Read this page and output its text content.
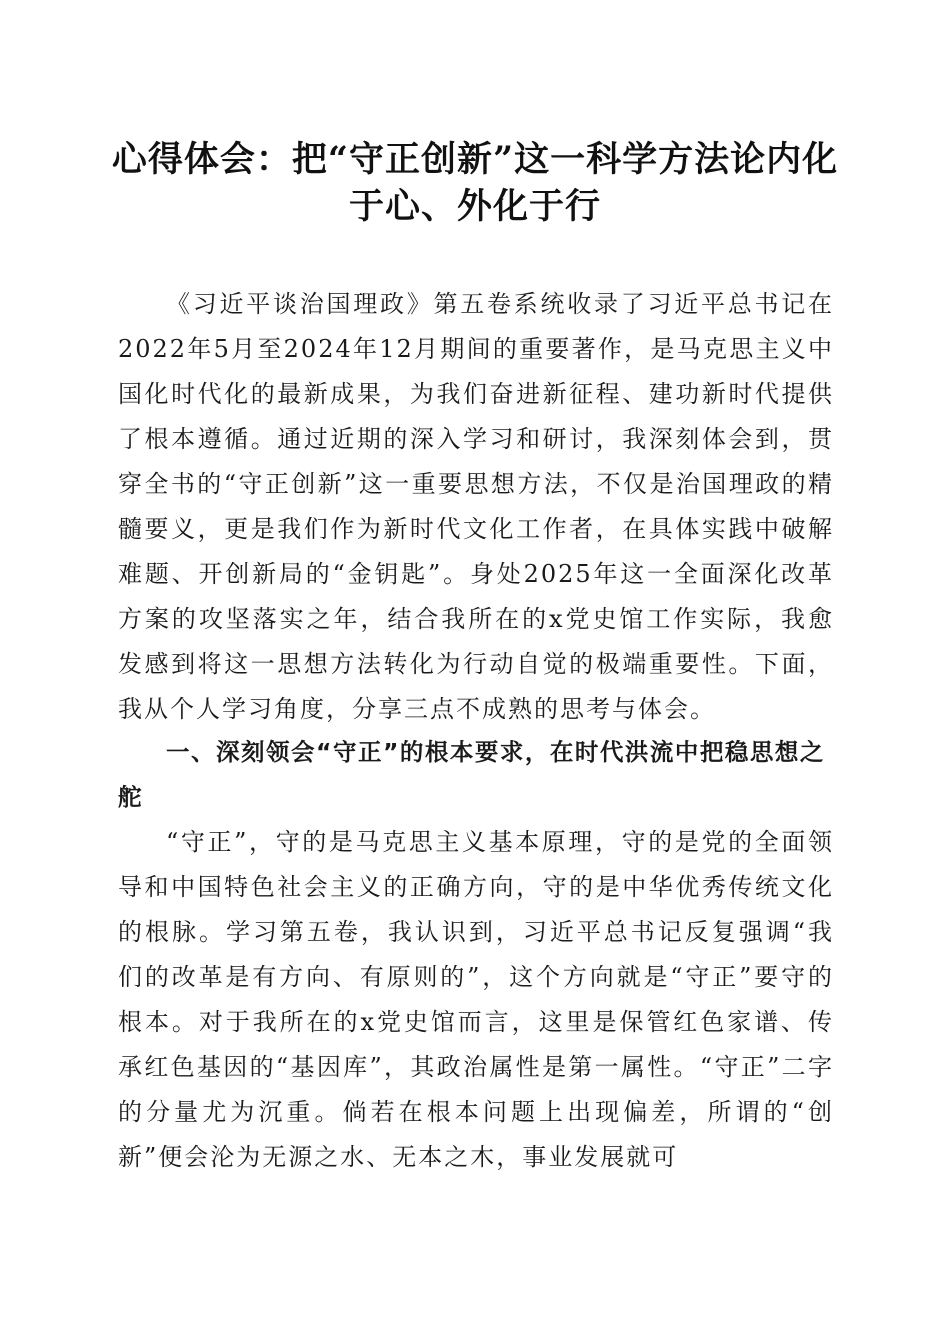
心得体会：把“守正创新”这一科学方法论内化于心、外化于行

《习近平谈治国理政》第五卷系统收录了习近平总书记在2022年5月至2024年12月期间的重要著作，是马克思主义中国化时代化的最新成果，为我们奋进新征程、建功新时代提供了根本遵循。通过近期的深入学习和研讨，我深刻体会到，贯穿全书的“守正创新”这一重要思想方法，不仅是治国理政的精髓要义，更是我们作为新时代文化工作者，在具体实践中破解难题、开创新局的“金钥匙”。身处2025年这一全面深化改革方案的攻坚落实之年，结合我所在的x党史馆工作实际，我愈发感到将这一思想方法转化为行动自觉的极端重要性。下面，我从个人学习角度，分享三点不成熟的思考与体会。

一、深刻领会“守正”的根本要求，在时代洪流中把稳思想之舵

“守正”，守的是马克思主义基本原理，守的是党的全面领导和中国特色社会主义的正确方向，守的是中华优秀传统文化的根脉。学习第五卷，我认识到，习近平总书记反复强调“我们的改革是有方向、有原则的”，这个方向就是“守正”要守的根本。对于我所在的x党史馆而言，这里是保管红色家谱、传承红色基因的“基因库”，其政治属性是第一属性。“守正”二字的分量尤为沉重。倘若在根本问题上出现偏差，所谓的“创新”便会沦为无源之水、无本之木，事业发展就可
